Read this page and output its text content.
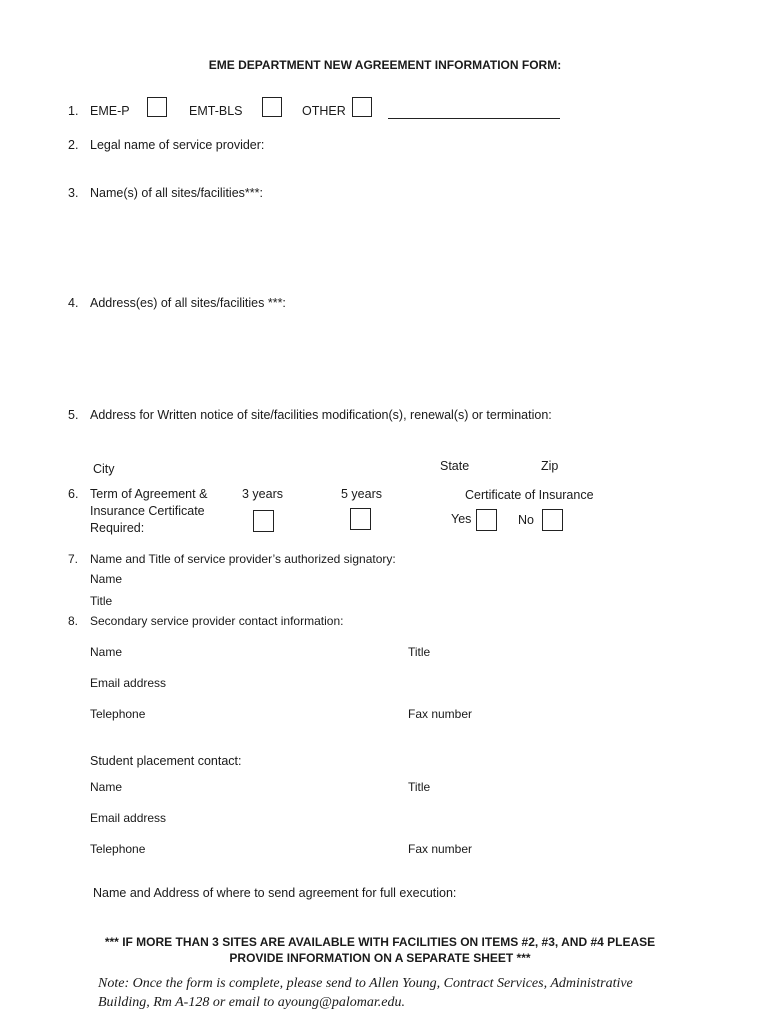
EME DEPARTMENT NEW AGREEMENT INFORMATION FORM:
1. EME-P	EMT-BLS	OTHER
2. Legal name of service provider:
3. Name(s) of all sites/facilities***:
4. Address(es) of all sites/facilities ***:
5. Address for Written notice of site/facilities modification(s), renewal(s) or termination:
City	State	Zip
6. Term of Agreement &
Insurance Certificate
Required:
3 years	5 years	Certificate of Insurance
Yes	No
7. Name and Title of service provider’s authorized signatory:
Name
Title
8. Secondary service provider contact information:
Name	Title
Email address
Telephone	Fax number
Student placement contact:
Name	Title
Email address
Telephone	Fax number
Name and Address of where to send agreement for full execution:
*** IF MORE THAN 3 SITES ARE AVAILABLE WITH FACILITIES ON ITEMS #2, #3, AND #4 PLEASE
PROVIDE INFORMATION ON A SEPARATE SHEET ***
Note: Once the form is complete, please send to Allen Young, Contract Services, Administrative
Building, Rm A-128 or email to ayoung@palomar.edu.
